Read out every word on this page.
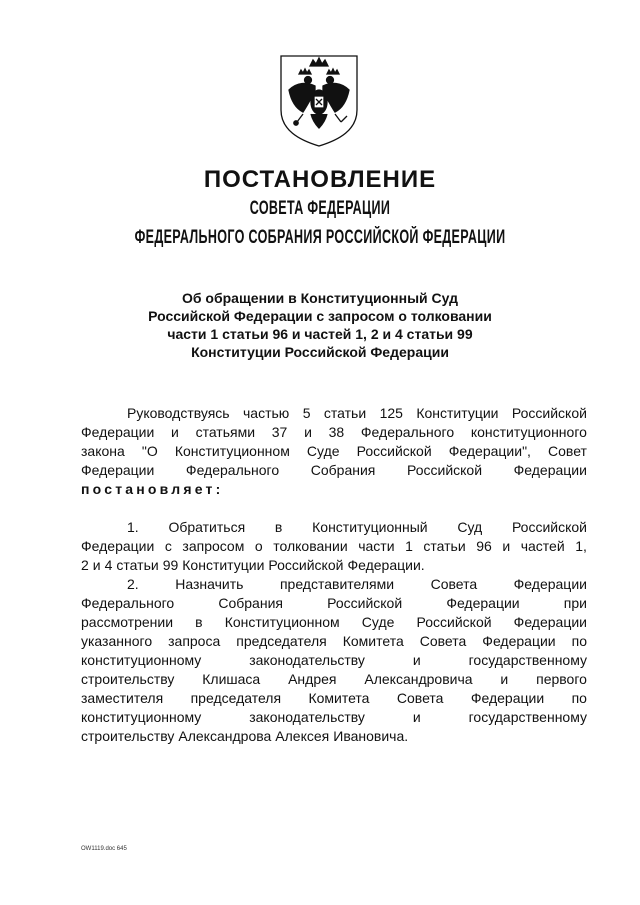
ПОСТАНОВЛЕНИЕ
СОВЕТА ФЕДЕРАЦИИ
ФЕДЕРАЛЬНОГО СОБРАНИЯ РОССИЙСКОЙ ФЕДЕРАЦИИ
Об обращении в Конституционный Суд
Российской Федерации с запросом о толковании
части 1 статьи 96 и частей 1, 2 и 4 статьи 99
Конституции Российской Федерации
Руководствуясь частью 5 статьи 125 Конституции Российской
Федерации и статьями 37 и 38 Федерального конституционного
закона "О Конституционном Суде Российской Федерации", Совет
Федерации Федерального Собрания Российской Федерации
постановляет:
1. Обратиться в Конституционный Суд Российской
Федерации с запросом о толковании части 1 статьи 96 и частей 1,
2 и 4 статьи 99 Конституции Российской Федерации.
2.	Назначить	представителями	Совета	Федерации
Федерального	Собрания	Российской	Федерации	при
рассмотрении в Конституционном Суде Российской Федерации
указанного запроса председателя Комитета Совета Федерации по
конституционному	законодательству	и	государственному
строительству Клишаса Андрея Александровича и первого
заместителя председателя Комитета Совета Федерации по
конституционному	законодательству	и	государственному
строительству Александрова Алексея Ивановича.
OW1119.doc 645
